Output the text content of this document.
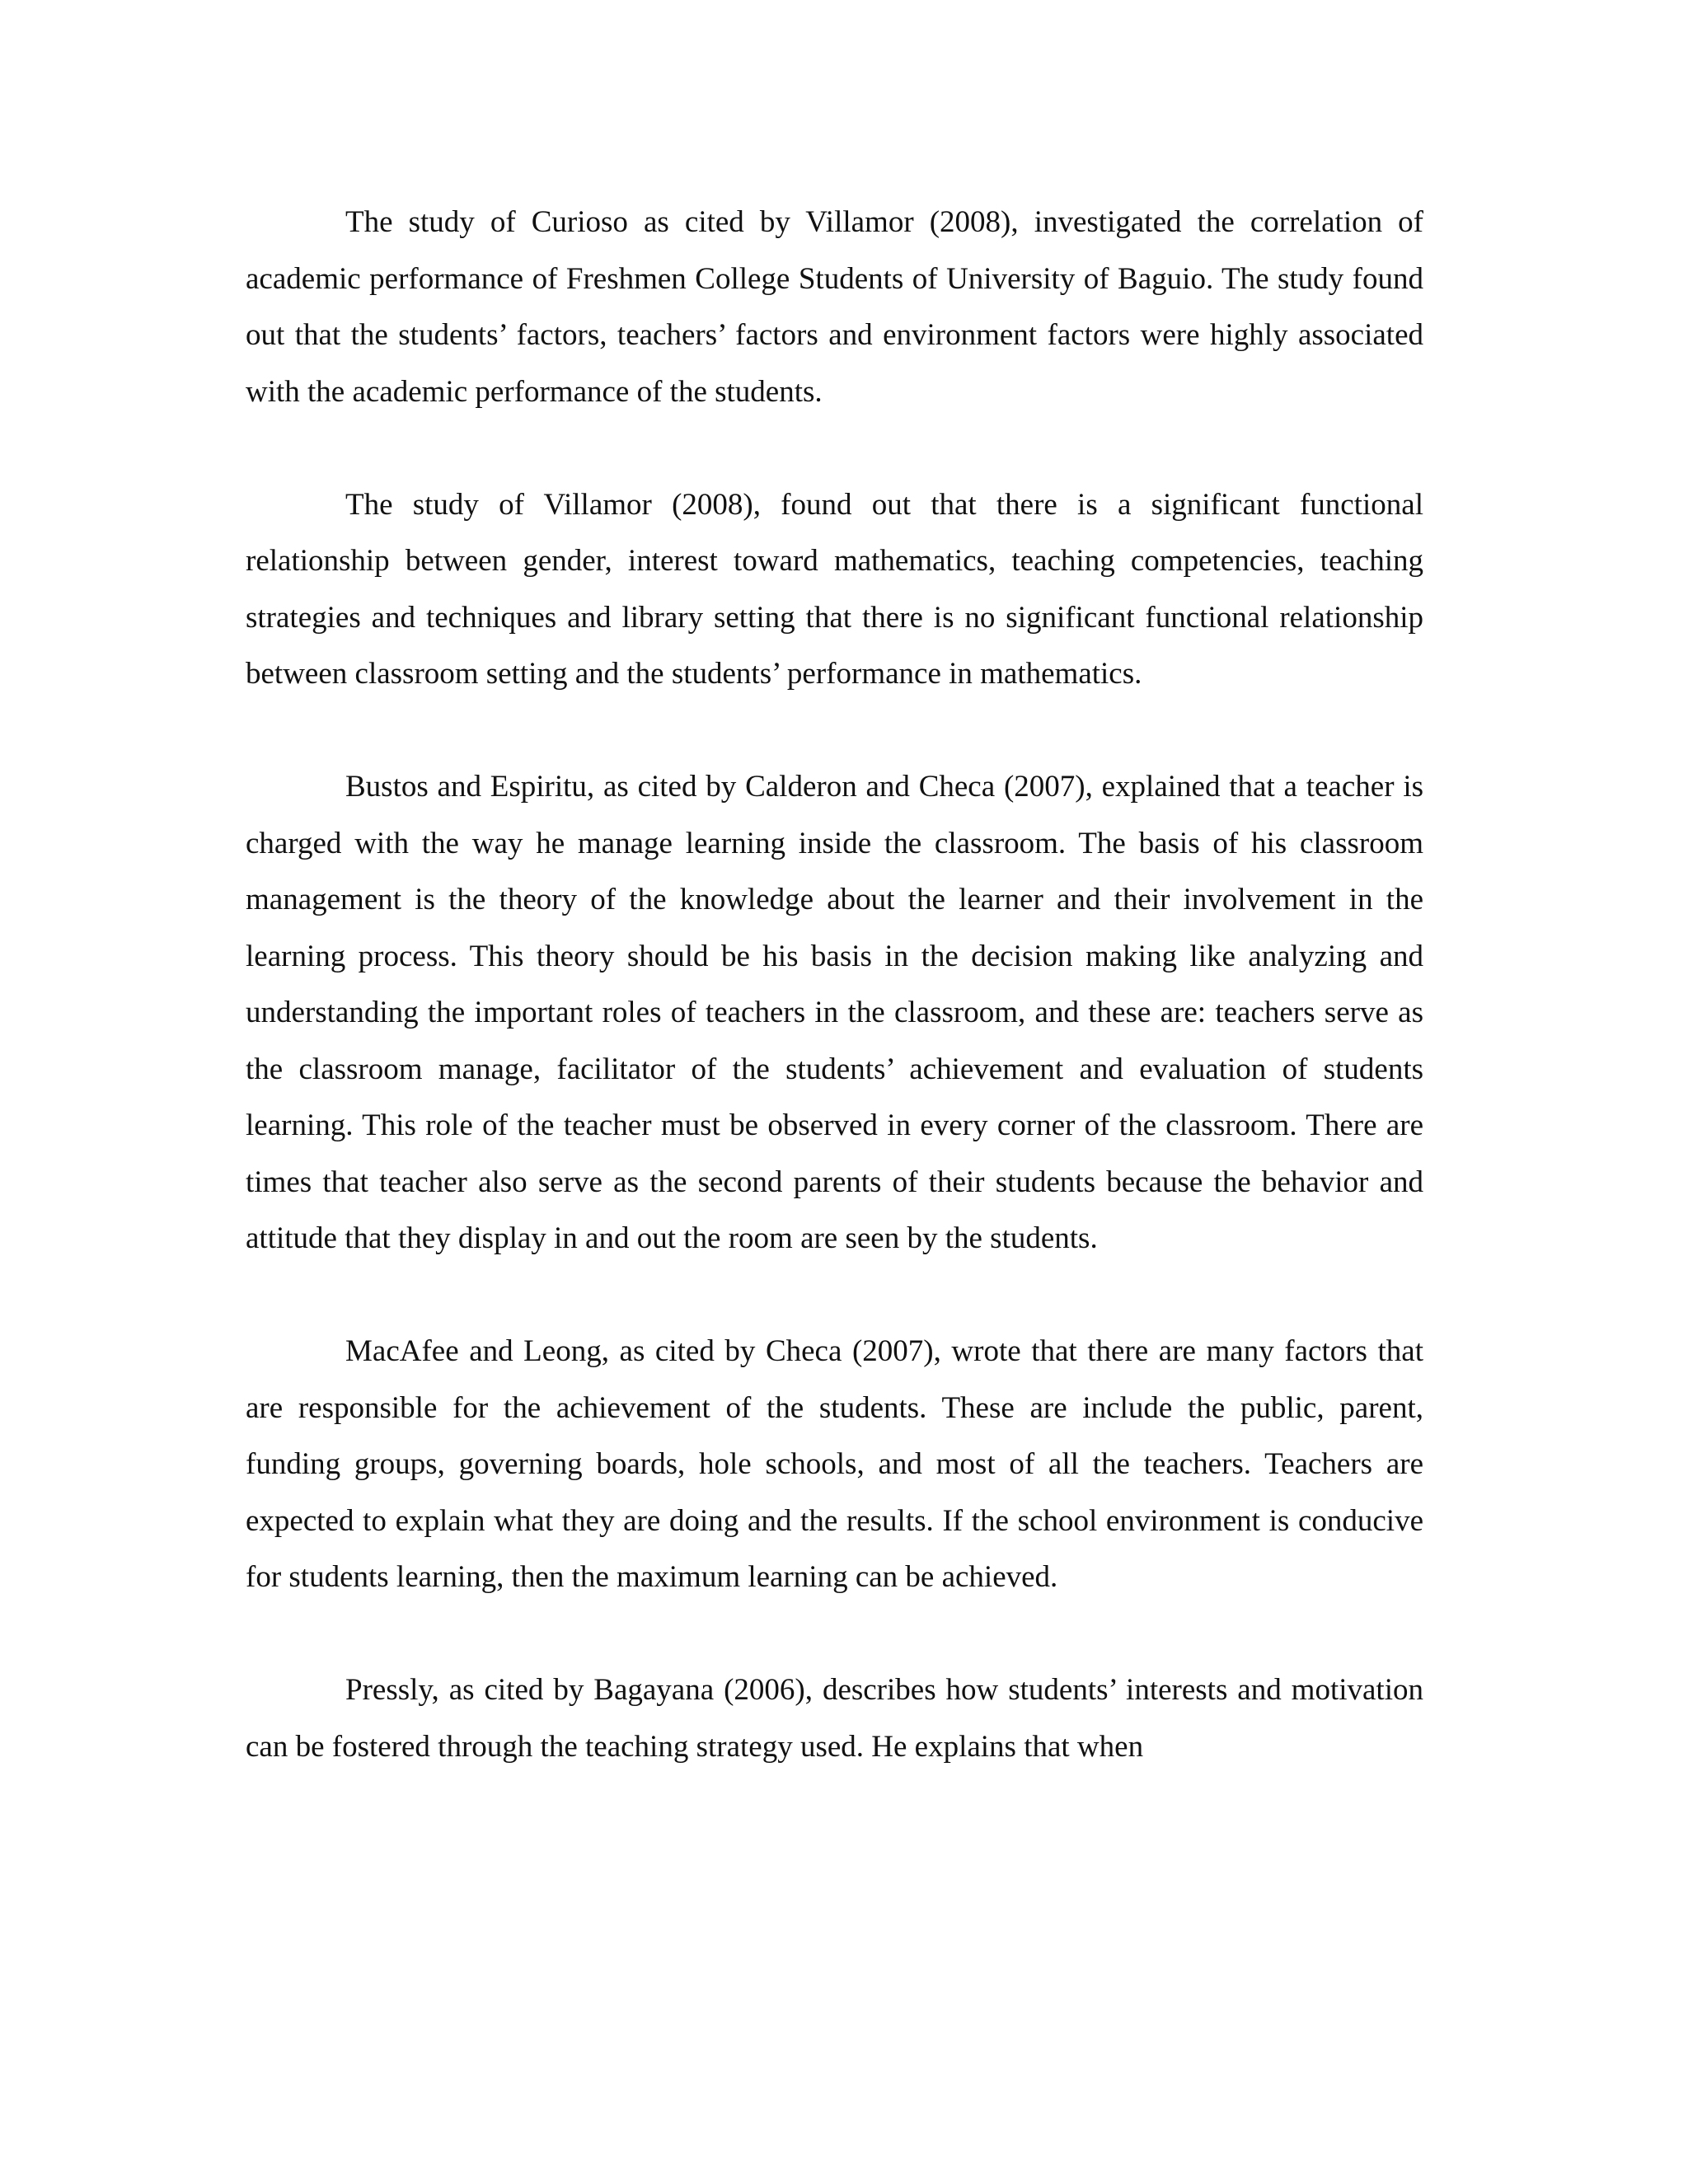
The study of Curioso as cited by Villamor (2008), investigated the correlation of academic performance of Freshmen College Students of University of Baguio. The study found out that the students’ factors, teachers’ factors and environment factors were highly associated with the academic performance of the students.

The study of Villamor (2008), found out that there is a significant functional relationship between gender, interest toward mathematics, teaching competencies, teaching strategies and techniques and library setting that there is no significant functional relationship between classroom setting and the students’ performance in mathematics.

Bustos and Espiritu, as cited by Calderon and Checa (2007), explained that a teacher is charged with the way he manage learning inside the classroom. The basis of his classroom management is the theory of the knowledge about the learner and their involvement in the learning process. This theory should be his basis in the decision making like analyzing and understanding the important roles of teachers in the classroom, and these are: teachers serve as the classroom manage, facilitator of the students’ achievement and evaluation of students learning. This role of the teacher must be observed in every corner of the classroom. There are times that teacher also serve as the second parents of their students because the behavior and attitude that they display in and out the room are seen by the students.

MacAfee and Leong, as cited by Checa (2007), wrote that there are many factors that are responsible for the achievement of the students. These are include the public, parent, funding groups, governing boards, hole schools, and most of all the teachers. Teachers are expected to explain what they are doing and the results. If the school environment is conducive for students learning, then the maximum learning can be achieved.

Pressly, as cited by Bagayana (2006), describes how students’ interests and motivation can be fostered through the teaching strategy used. He explains that when
